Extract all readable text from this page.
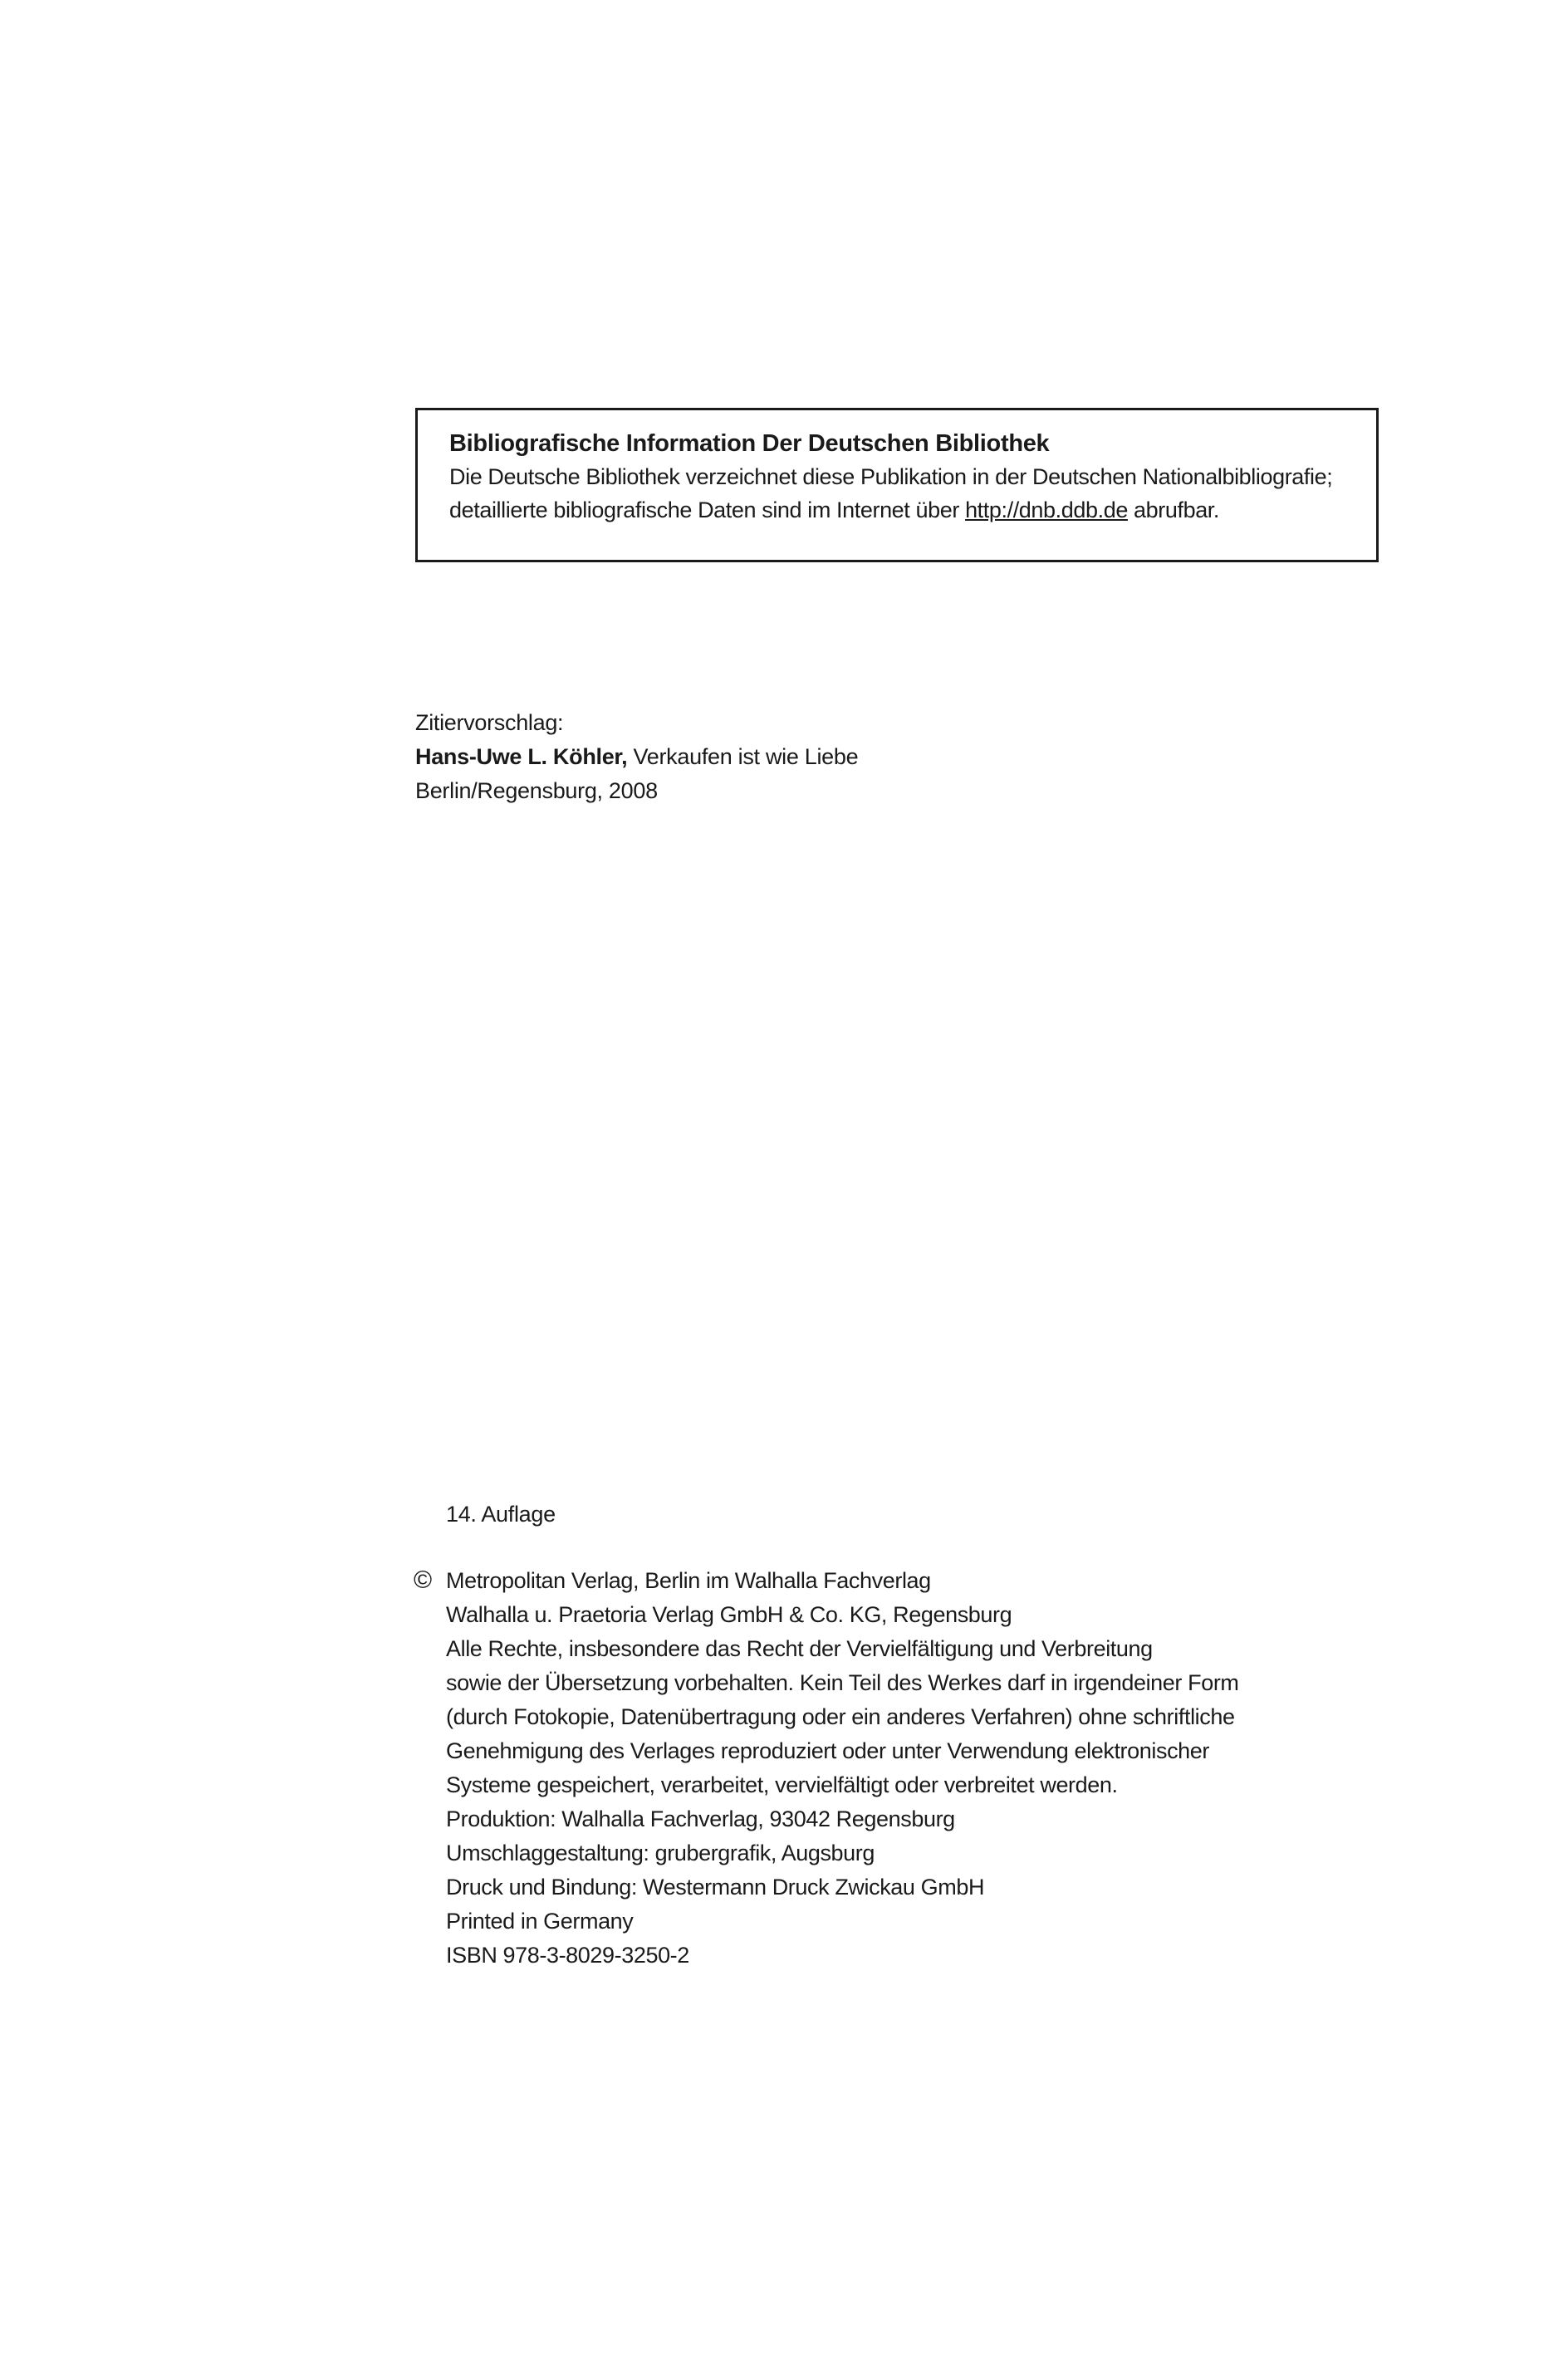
Bibliografische Information Der Deutschen Bibliothek
Die Deutsche Bibliothek verzeichnet diese Publikation in der Deutschen Nationalbibliografie;
detaillierte bibliografische Daten sind im Internet über http://dnb.ddb.de abrufbar.
Zitiervorschlag:
Hans-Uwe L. Köhler, Verkaufen ist wie Liebe
Berlin/Regensburg, 2008
14. Auflage
© Metropolitan Verlag, Berlin im Walhalla Fachverlag
Walhalla u. Praetoria Verlag GmbH & Co. KG, Regensburg
Alle Rechte, insbesondere das Recht der Vervielfältigung und Verbreitung
sowie der Übersetzung vorbehalten. Kein Teil des Werkes darf in irgendeiner Form
(durch Fotokopie, Datenübertragung oder ein anderes Verfahren) ohne schriftliche
Genehmigung des Verlages reproduziert oder unter Verwendung elektronischer
Systeme gespeichert, verarbeitet, vervielfältigt oder verbreitet werden.
Produktion: Walhalla Fachverlag, 93042 Regensburg
Umschlaggestaltung: grubergrafik, Augsburg
Druck und Bindung: Westermann Druck Zwickau GmbH
Printed in Germany
ISBN 978-3-8029-3250-2
